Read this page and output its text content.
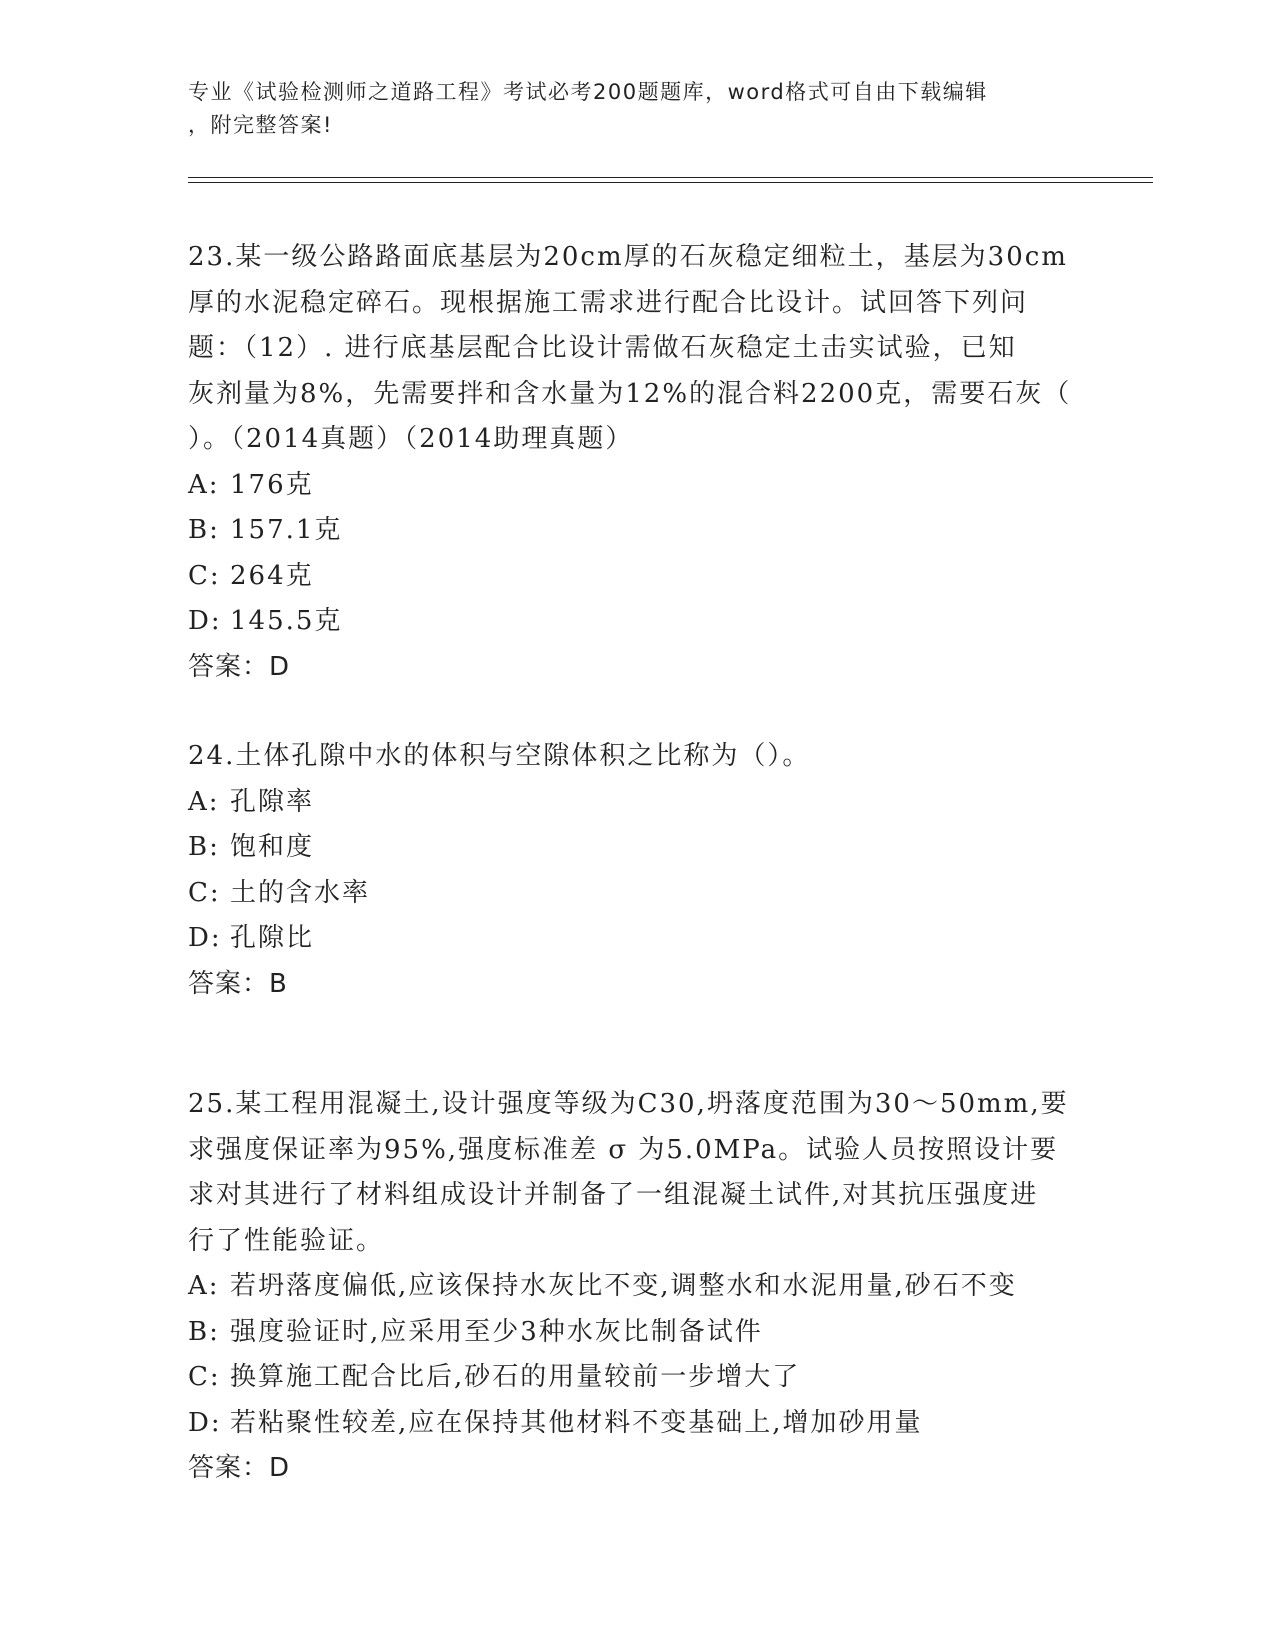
专业《试验检测师之道路工程》考试必考200题题库，word格式可自由下载编辑
，附完整答案!
23.某一级公路路面底基层为20cm厚的石灰稳定细粒土，基层为30cm
厚的水泥稳定碎石。现根据施工需求进行配合比设计。试回答下列问
题：（12）. 进行底基层配合比设计需做石灰稳定土击实试验，已知
灰剂量为8%，先需要拌和含水量为12%的混合料2200克，需要石灰（
）。（2014真题）（2014助理真题）
A: 176克
B: 157.1克
C: 264克
D: 145.5克
答案：D
24.土体孔隙中水的体积与空隙体积之比称为（）。
A: 孔隙率
B: 饱和度
C: 土的含水率
D: 孔隙比
答案：B
25.某工程用混凝土,设计强度等级为C30,坍落度范围为30～50mm,要
求强度保证率为95%,强度标准差 σ 为5.0MPa。试验人员按照设计要
求对其进行了材料组成设计并制备了一组混凝土试件,对其抗压强度进
行了性能验证。
A: 若坍落度偏低,应该保持水灰比不变,调整水和水泥用量,砂石不变
B: 强度验证时,应采用至少3种水灰比制备试件
C: 换算施工配合比后,砂石的用量较前一步增大了
D: 若粘聚性较差,应在保持其他材料不变基础上,增加砂用量
答案：D
